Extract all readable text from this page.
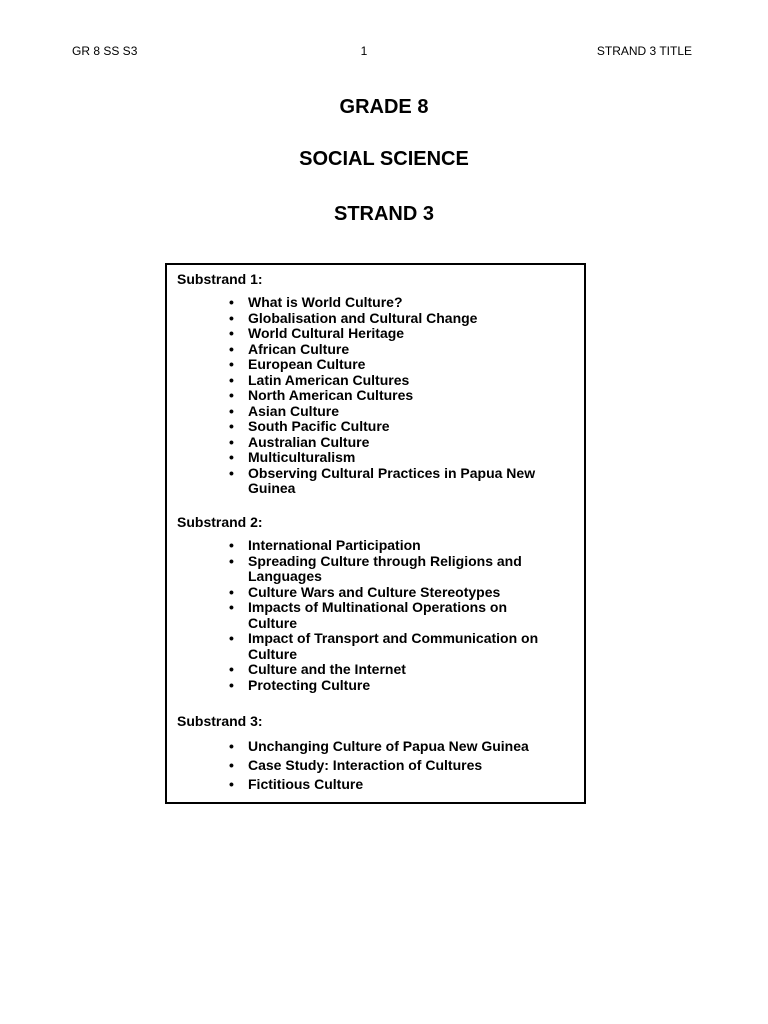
GR 8 SS S3	1	STRAND 3 TITLE
GRADE 8
SOCIAL SCIENCE
STRAND 3
Substrand 1:
• What is World Culture?
• Globalisation and Cultural Change
• World Cultural Heritage
• African Culture
• European Culture
• Latin American Cultures
• North American Cultures
• Asian Culture
• South Pacific Culture
• Australian Culture
• Multiculturalism
• Observing Cultural Practices in Papua New Guinea
Substrand 2:
• International Participation
• Spreading Culture through Religions and Languages
• Culture Wars and Culture Stereotypes
• Impacts of Multinational Operations on Culture
• Impact of Transport and Communication on Culture
• Culture and the Internet
• Protecting Culture
Substrand 3:
• Unchanging Culture of Papua New Guinea
• Case Study: Interaction of Cultures
• Fictitious Culture
